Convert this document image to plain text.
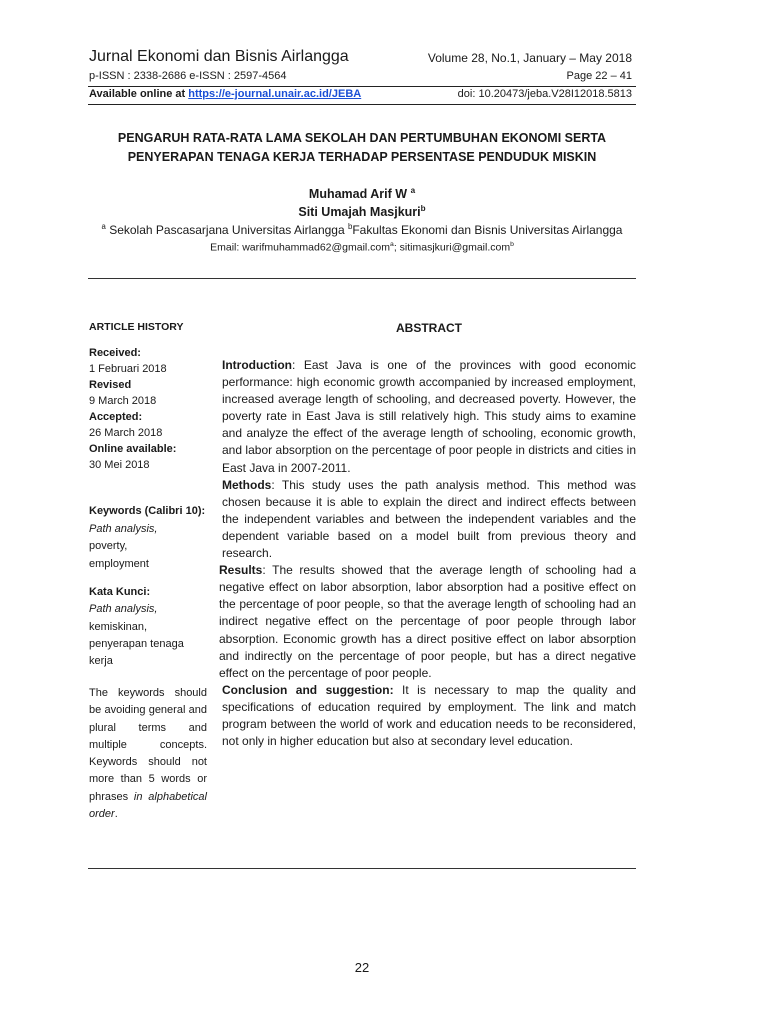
Jurnal Ekonomi dan Bisnis Airlangga	Volume 28, No.1, January – May 2018
p-ISSN : 2338-2686 e-ISSN : 2597-4564	Page 22 – 41
Available online at https://e-journal.unair.ac.id/JEBA	doi: 10.20473/jeba.V28I12018.5813
PENGARUH RATA-RATA LAMA SEKOLAH DAN PERTUMBUHAN EKONOMI SERTA
PENYERAPAN TENAGA KERJA TERHADAP PERSENTASE PENDUDUK MISKIN
Muhamad Arif W $^a$
Siti Umajah Masjkuri$^b$
$^a$ Sekolah Pascasarjana Universitas Airlangga $^b$Fakultas Ekonomi dan Bisnis Universitas Airlangga
Email: warifmuhammad62@gmail.com$^a$; sitimasjkuri@gmail.com$^b$
ARTICLE HISTORY
Received:
1 Februari 2018
Revised
9 March 2018
Accepted:
26 March 2018
Online available:
30 Mei 2018
Keywords (Calibri 10):
Path analysis,
poverty,
employment
Kata Kunci:
Path analysis,
kemiskinan,
penyerapan tenaga
kerja
The keywords should be avoiding general and plural terms and multiple concepts. Keywords should not more than 5 words or phrases in alphabetical order.
ABSTRACT

Introduction: East Java is one of the provinces with good economic performance: high economic growth accompanied by increased employment, increased average length of schooling, and decreased poverty. However, the poverty rate in East Java is still relatively high. This study aims to examine and analyze the effect of the average length of schooling, economic growth, and labor absorption on the percentage of poor people in districts and cities in East Java in 2007-2011.

Methods: This study uses the path analysis method. This method was chosen because it is able to explain the direct and indirect effects between the independent variables and between the independent variables and the dependent variable based on a model built from previous theory and research.

Results: The results showed that the average length of schooling had a negative effect on labor absorption, labor absorption had a positive effect on the percentage of poor people, so that the average length of schooling had an indirect negative effect on the percentage of poor people through labor absorption. Economic growth has a direct positive effect on labor absorption and indirectly on the percentage of poor people, but has a direct negative effect on the percentage of poor people.

Conclusion and suggestion: It is necessary to map the quality and specifications of education required by employment. The link and match program between the world of work and education needs to be reconsidered, not only in higher education but also at secondary level education.

22
